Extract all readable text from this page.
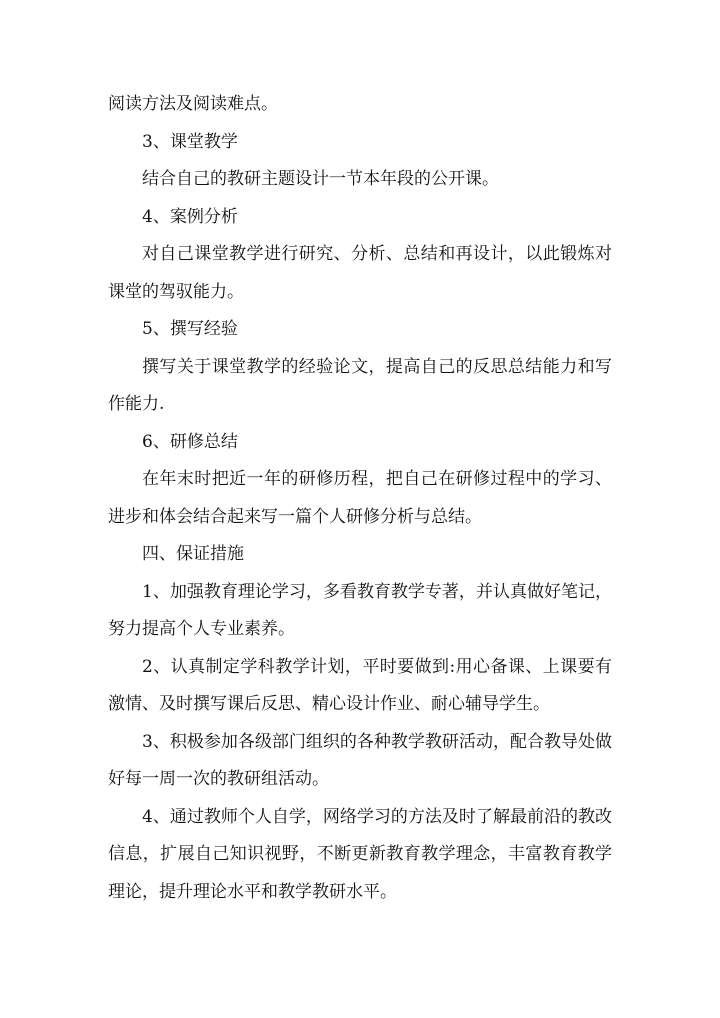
阅读方法及阅读难点。

3、课堂教学

结合自己的教研主题设计一节本年段的公开课。

4、案例分析

对自己课堂教学进行研究、分析、总结和再设计，以此锻炼对课堂的驾驭能力。

5、撰写经验

撰写关于课堂教学的经验论文，提高自己的反思总结能力和写作能力.

6、研修总结

在年末时把近一年的研修历程，把自己在研修过程中的学习、进步和体会结合起来写一篇个人研修分析与总结。

四、保证措施

1、加强教育理论学习，多看教育教学专著，并认真做好笔记，努力提高个人专业素养。

2、认真制定学科教学计划，平时要做到:用心备课、上课要有激情、及时撰写课后反思、精心设计作业、耐心辅导学生。

3、积极参加各级部门组织的各种教学教研活动，配合教导处做好每一周一次的教研组活动。

4、通过教师个人自学，网络学习的方法及时了解最前沿的教改信息，扩展自己知识视野，不断更新教育教学理念，丰富教育教学理论，提升理论水平和教学教研水平。
